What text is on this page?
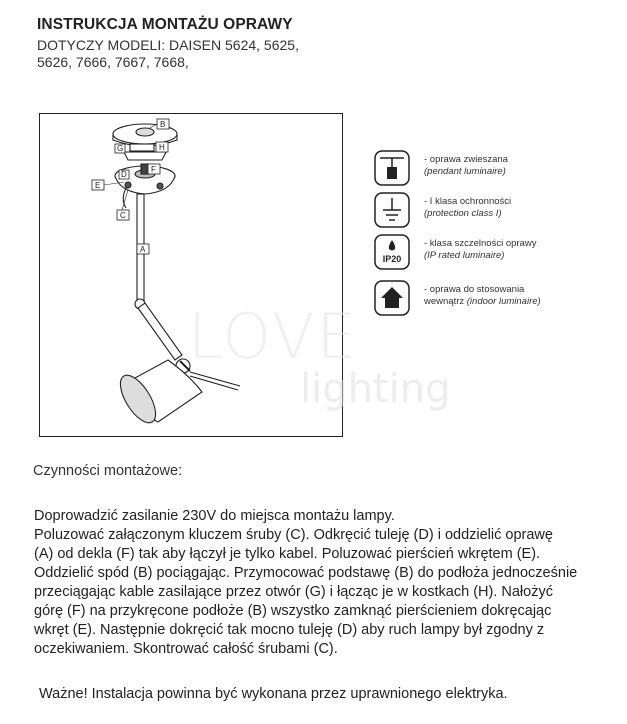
INSTRUKCJA MONTAŻU OPRAWY
DOTYCZY MODELI: DAISEN 5624, 5625, 5626, 7666, 7667, 7668,
B
H
G
F
D
E
C
A
- oprawa zwieszana
(pendant luminaire)
- I klasa ochronności
(protection class I)
IP20
- klasa szczelności oprawy
(IP rated luminaire)
- oprawa do stosowania
wewnątrz (indoor luminaire)
LOVE
lighting
Czynności montażowe:

Doprowadzić zasilanie 230V do miejsca montażu lampy.

Poluzować załączonym kluczem śruby (C). Odkręcić tuleję (D) i oddzielić oprawę

(A) od dekla (F) tak aby łączył je tylko kabel. Poluzować pierścień wkrętem (E).

Oddzielić spód (B) pociągając. Przymocować podstawę (B) do podłoża jednocześnie

przeciągając kable zasilające przez otwór (G) i łącząc je w kostkach (H). Nałożyć

górę (F) na przykręcone podłoże (B) wszystko zamknąć pierścieniem dokręcając

wkręt (E). Następnie dokręcić tak mocno tuleję (D) aby ruch lampy był zgodny z

oczekiwaniem. Skontrować całość śrubami (C).

Ważne! Instalacja powinna być wykonana przez uprawnionego elektryka.
